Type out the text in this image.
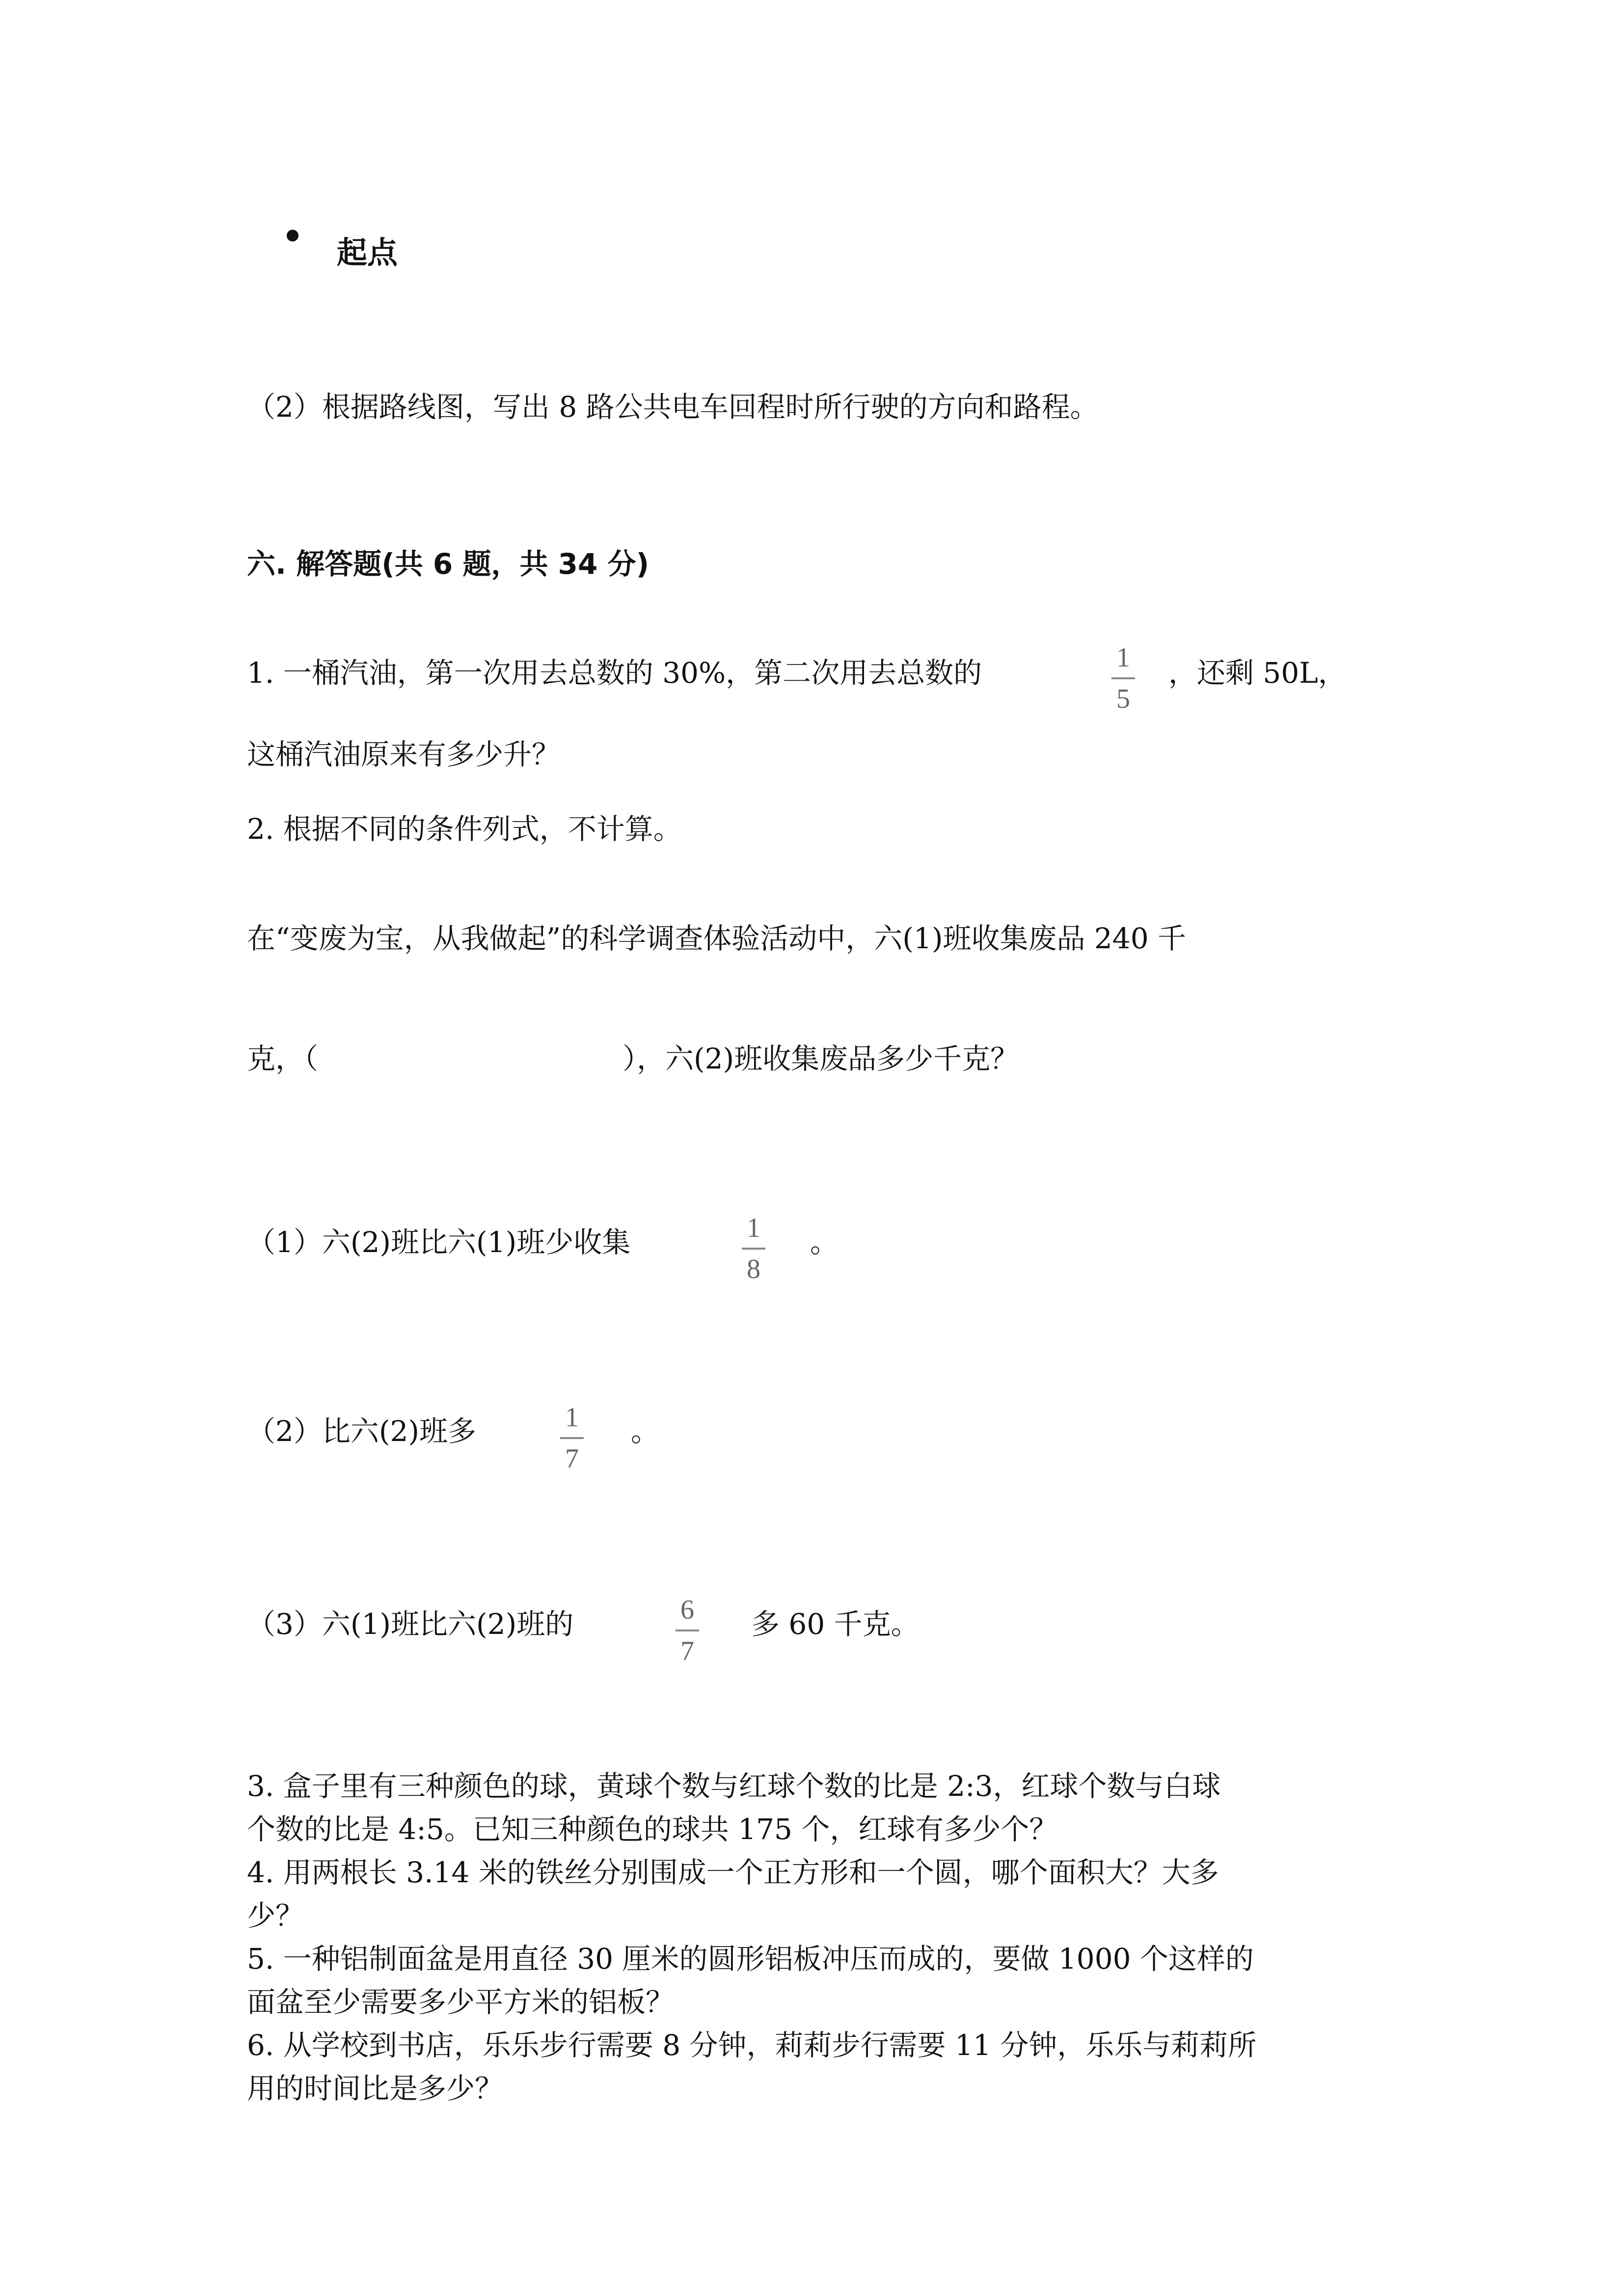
起点
（2）根据路线图，写出 8 路公共电车回程时所行驶的方向和路程。
六. 解答题(共 6 题，共 34 分)
1. 一桶汽油，第一次用去总数的 30%，第二次用去总数的	1
5
，还剩 50L，
这桶汽油原来有多少升？
2. 根据不同的条件列式，不计算。
在“变废为宝，从我做起”的科学调查体验活动中，六(1)班收集废品 240 千
克，（	），六(2)班收集废品多少千克？
（1）六(2)班比六(1)班少收集	1
8
。
（2）比六(2)班多	1
7
。
（3）六(1)班比六(2)班的	6
7
多 60 千克。
3. 盒子里有三种颜色的球，黄球个数与红球个数的比是 2:3，红球个数与白球
个数的比是 4:5。已知三种颜色的球共 175 个，红球有多少个？
4. 用两根长 3.14 米的铁丝分别围成一个正方形和一个圆，哪个面积大？大多
少？
5. 一种铝制面盆是用直径 30 厘米的圆形铝板冲压而成的，要做 1000 个这样的
面盆至少需要多少平方米的铝板？
6. 从学校到书店，乐乐步行需要 8 分钟，莉莉步行需要 11 分钟，乐乐与莉莉所
用的时间比是多少？
